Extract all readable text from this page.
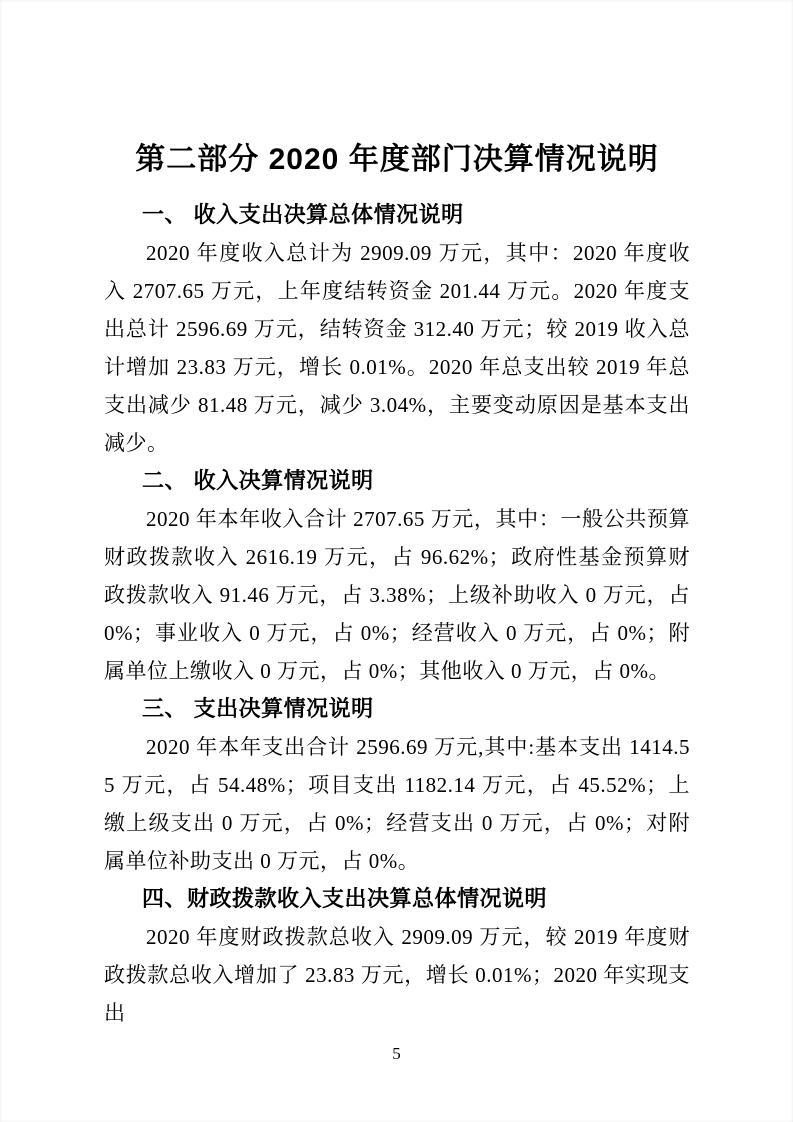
第二部分 2020 年度部门决算情况说明
一、 收入支出决算总体情况说明

2020 年度收入总计为 2909.09 万元，其中：2020 年度收入 2707.65 万元，上年度结转资金 201.44 万元。2020 年度支出总计 2596.69 万元，结转资金 312.40 万元；较 2019 收入总计增加 23.83 万元，增长 0.01%。2020 年总支出较 2019 年总支出减少 81.48 万元，减少 3.04%，主要变动原因是基本支出减少。

二、 收入决算情况说明

2020 年本年收入合计 2707.65 万元，其中：一般公共预算财政拨款收入 2616.19 万元，占 96.62%；政府性基金预算财政拨款收入 91.46 万元，占 3.38%；上级补助收入 0 万元，占 0%；事业收入 0 万元，占 0%；经营收入 0 万元，占 0%；附属单位上缴收入 0 万元，占 0%；其他收入 0 万元，占 0%。

三、 支出决算情况说明

2020 年本年支出合计 2596.69 万元,其中:基本支出 1414.55 万元，占 54.48%；项目支出 1182.14 万元，占 45.52%；上缴上级支出 0 万元，占 0%；经营支出 0 万元，占 0%；对附属单位补助支出 0 万元，占 0%。

四、财政拨款收入支出决算总体情况说明

2020 年度财政拨款总收入 2909.09 万元，较 2019 年度财政拨款总收入增加了 23.83 万元，增长 0.01%；2020 年实现支出

5
